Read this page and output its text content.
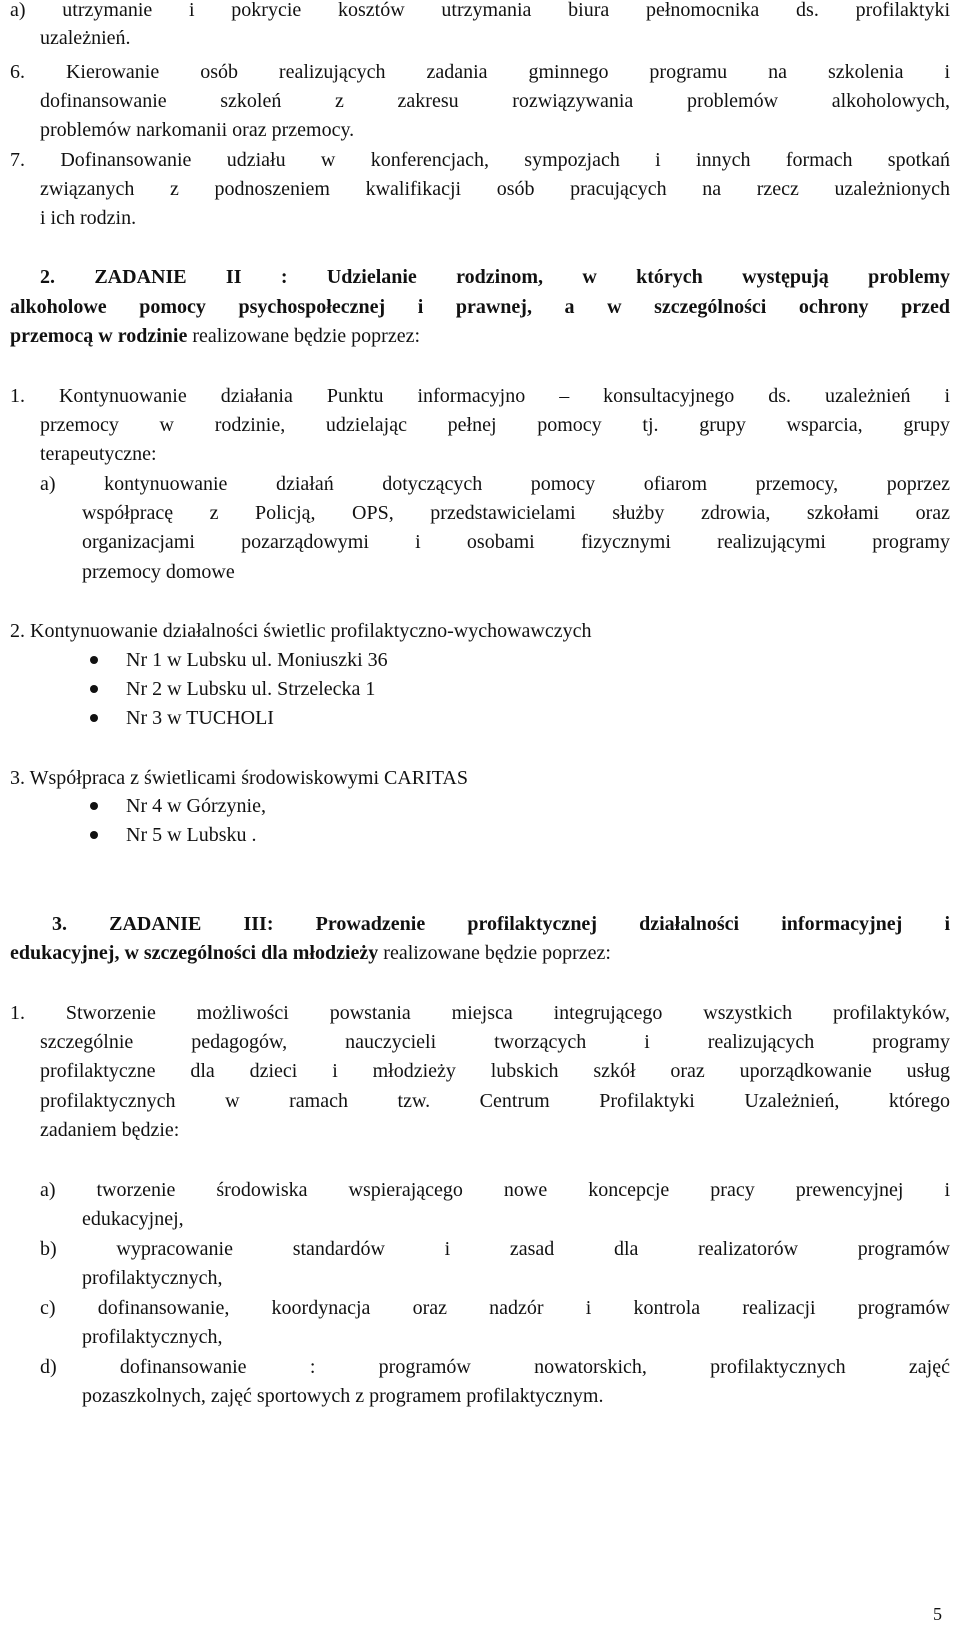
a) utrzymanie i pokrycie kosztów utrzymania biura pełnomocnika ds. profilaktyki
uzależnień.
6. Kierowanie osób realizujących zadania gminnego programu na szkolenia i
dofinansowanie szkoleń z zakresu rozwiązywania problemów alkoholowych,
problemów narkomanii oraz przemocy.
7. Dofinansowanie udziału w konferencjach, sympozjach i innych formach spotkań
związanych z podnoszeniem kwalifikacji osób pracujących na rzecz uzależnionych
i ich rodzin.
2. ZADANIE II : Udzielanie rodzinom, w których występują problemy
alkoholowe pomocy psychospołecznej i prawnej, a w szczególności ochrony przed
przemocą w rodzinie realizowane będzie poprzez:
1. Kontynuowanie działania Punktu informacyjno – konsultacyjnego ds. uzależnień i
przemocy w rodzinie, udzielając pełnej pomocy tj. grupy wsparcia, grupy
terapeutyczne:
a) kontynuowanie działań dotyczących pomocy ofiarom przemocy, poprzez
współpracę z Policją, OPS, przedstawicielami służby zdrowia, szkołami oraz
organizacjami pozarządowymi i osobami fizycznymi realizującymi programy
przemocy domowe
2. Kontynuowanie działalności świetlic profilaktyczno-wychowawczych
Nr 1 w Lubsku ul. Moniuszki 36
Nr 2 w Lubsku ul. Strzelecka 1
Nr 3 w TUCHOLI
3. Współpraca z świetlicami środowiskowymi CARITAS
Nr 4 w Górzynie,
Nr 5 w Lubsku .
3. ZADANIE III: Prowadzenie profilaktycznej działalności informacyjnej i
edukacyjnej, w szczególności dla młodzieży realizowane będzie poprzez:
1. Stworzenie możliwości powstania miejsca integrującego wszystkich profilaktyków,
szczególnie pedagogów, nauczycieli tworzących i realizujących programy
profilaktyczne dla dzieci i młodzieży lubskich szkół oraz uporządkowanie usług
profilaktycznych w ramach tzw. Centrum Profilaktyki Uzależnień, którego
zadaniem będzie:
a) tworzenie środowiska wspierającego nowe koncepcje pracy prewencyjnej i
edukacyjnej,
b) wypracowanie standardów i zasad dla realizatorów programów
profilaktycznych,
c) dofinansowanie, koordynacja oraz nadzór i kontrola realizacji programów
profilaktycznych,
d) dofinansowanie : programów nowatorskich, profilaktycznych zajęć
pozaszkolnych, zajęć sportowych z programem profilaktycznym.
5
